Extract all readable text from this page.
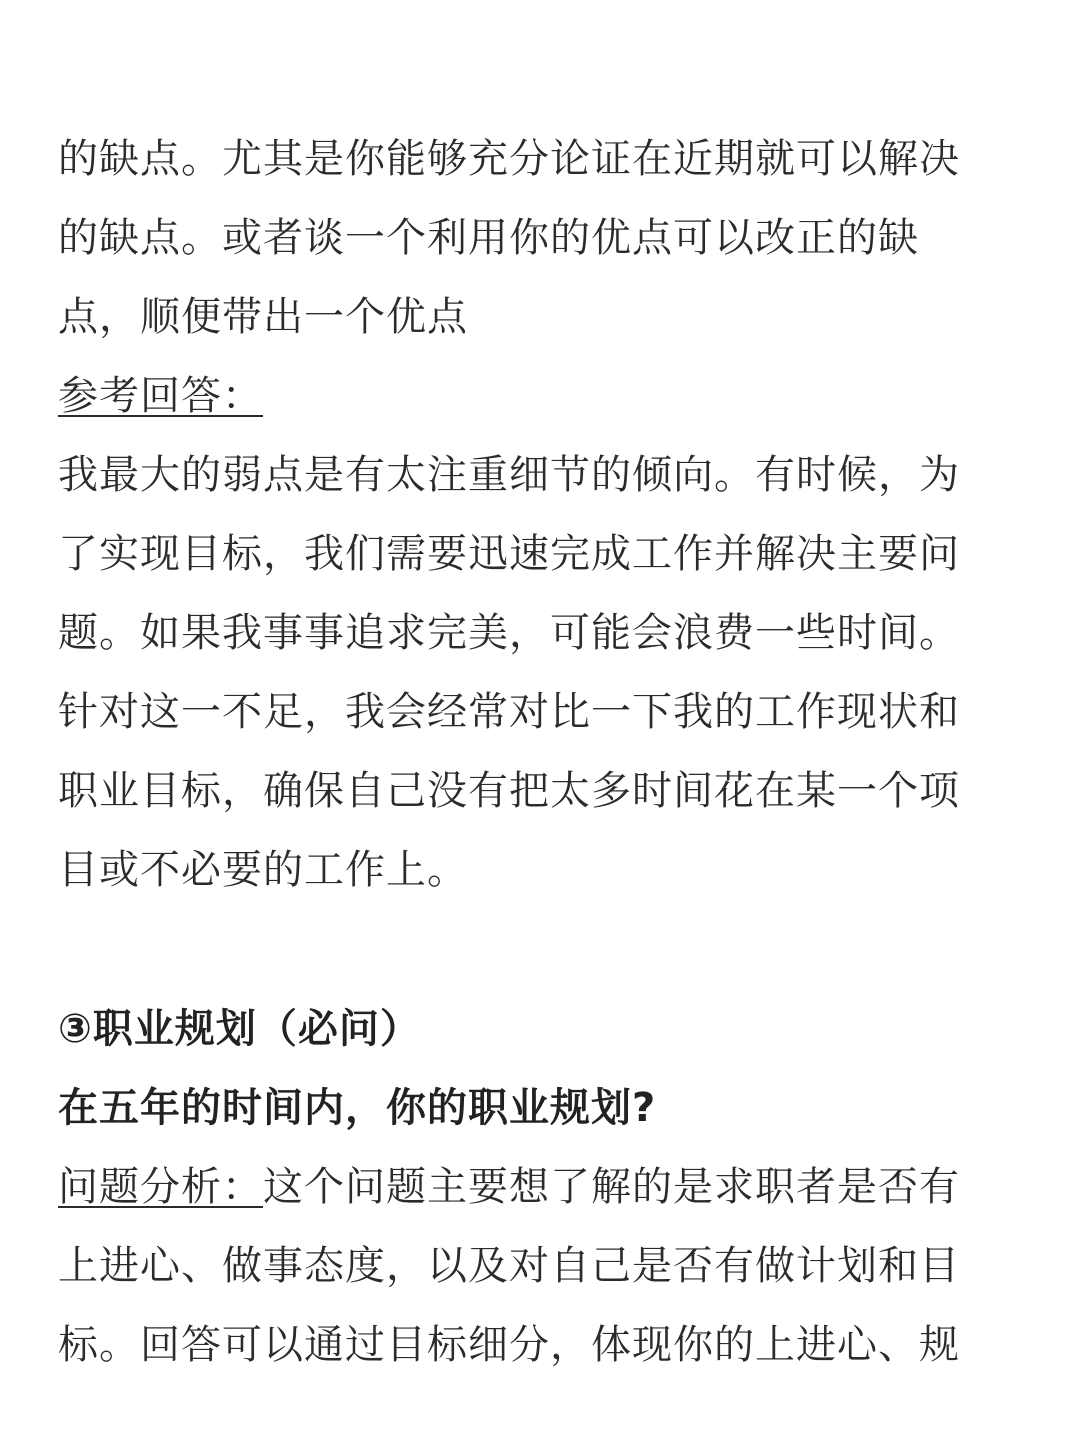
的缺点。尤其是你能够充分论证在近期就可以解决
的缺点。或者谈一个利用你的优点可以改正的缺
点，顺便带出一个优点
参考回答：
我最大的弱点是有太注重细节的倾向。有时候，为
了实现目标，我们需要迅速完成工作并解决主要问
题。如果我事事追求完美，可能会浪费一些时间。
针对这一不足，我会经常对比一下我的工作现状和
职业目标，确保自己没有把太多时间花在某一个项
目或不必要的工作上。
③职业规划（必问）
在五年的时间内，你的职业规划?
问题分析：这个问题主要想了解的是求职者是否有
上进心、做事态度，以及对自己是否有做计划和目
标。回答可以通过目标细分，体现你的上进心、规
